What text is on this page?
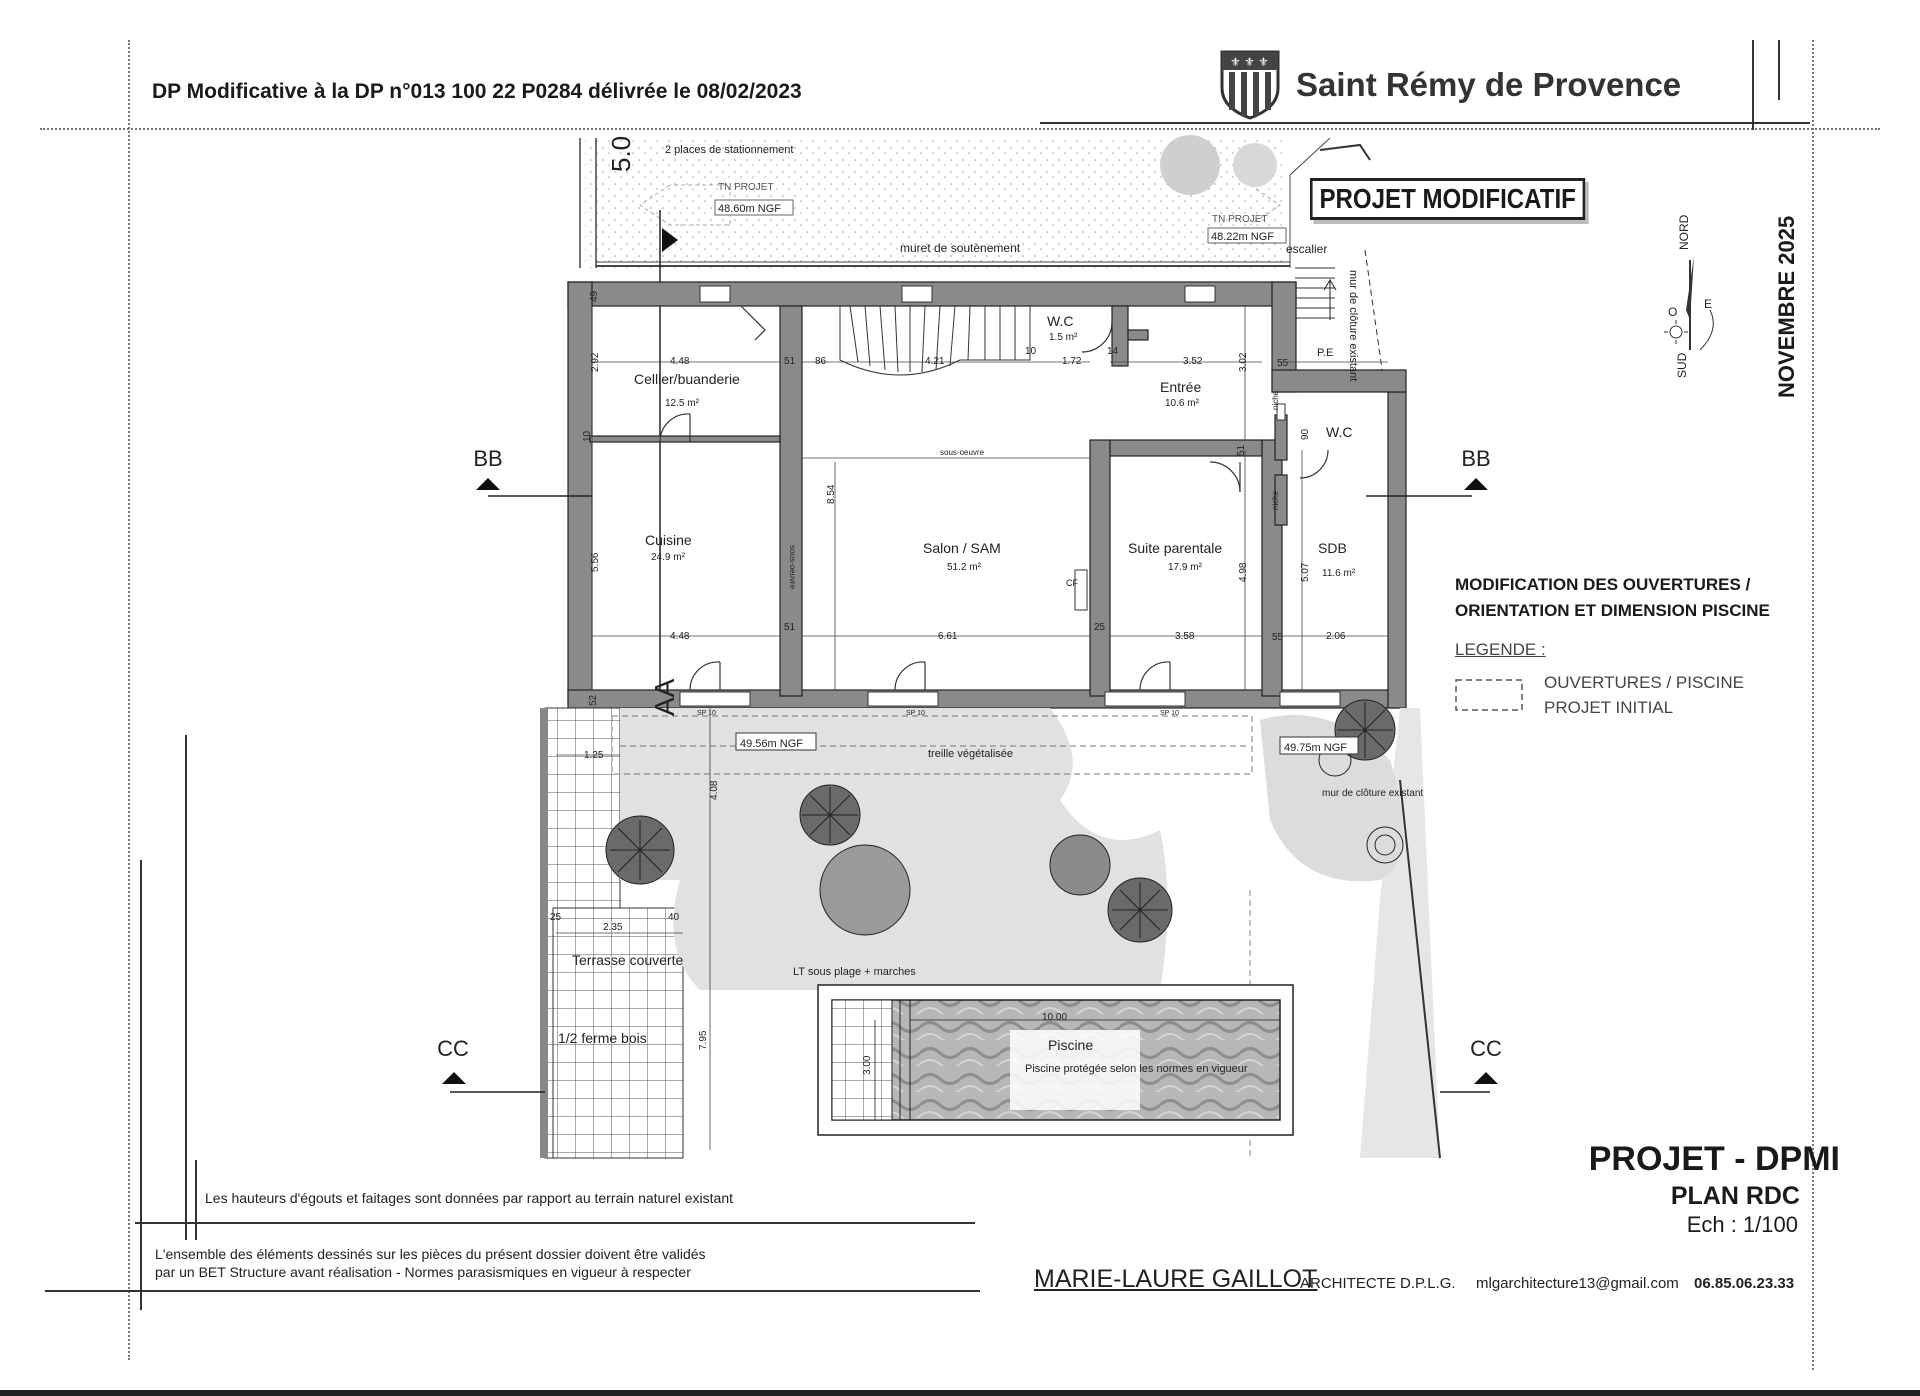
DP Modificative à la DP n°013 100 22 P0284 délivrée le 08/02/2023
⚜ ⚜ ⚜
Saint Rémy de Provence
PROJET MODIFICATIF
NOVEMBRE 2025
NORD
O
E
SUD
2 places de stationnement
5.0
TN PROJET
48.60m NGF
TN PROJET
48.22m NGF
muret de soutènement	escalier
mur de clôture existant
P.E
AA
Cellier/buanderie
12.5 m²
W.C
1.5 m²
Entrée
10.6 m²
W.C
Cuisine
24.9 m²
Salon / SAM
51.2 m²
Suite parentale
17.9 m²
SDB
11.6 m²
4.48	51 86	4.21
10
1.72
14
3.52	3.02	55
2.92
49
10
5.56
8.54
4.98	5.07
51
90
4.48
51
6.61
25
3.58	55	2.06
52
1.25
4.08
2.35
25	40
7.95
10.00
3.00
SP 10	SP 10	SP 10
sous-oeuvre
sous-oeuvre
niche
niche
CF
49.56m NGF	49.75m NGF
treille végétalisée
mur de clôture existant
LT sous plage + marches
Terrasse couverte
1/2 ferme bois	Piscine
Piscine protégée selon les normes en vigueur
BB	BB
CC	CC
MODIFICATION DES OUVERTURES /
ORIENTATION ET DIMENSION PISCINE
LEGENDE :
OUVERTURES / PISCINE
PROJET INITIAL
PROJET - DPMI
PLAN RDC
Ech : 1/100
Les hauteurs d'égouts et faitages sont données par rapport au terrain naturel existant
L'ensemble des éléments dessinés sur les pièces du présent dossier doivent être validés
par un BET Structure avant réalisation - Normes parasismiques en vigueur à respecter	MARIE-LAURE GAILLOT
ARCHITECTE D.P.L.G. mlgarchitecture13@gmail.com 06.85.06.23.33
